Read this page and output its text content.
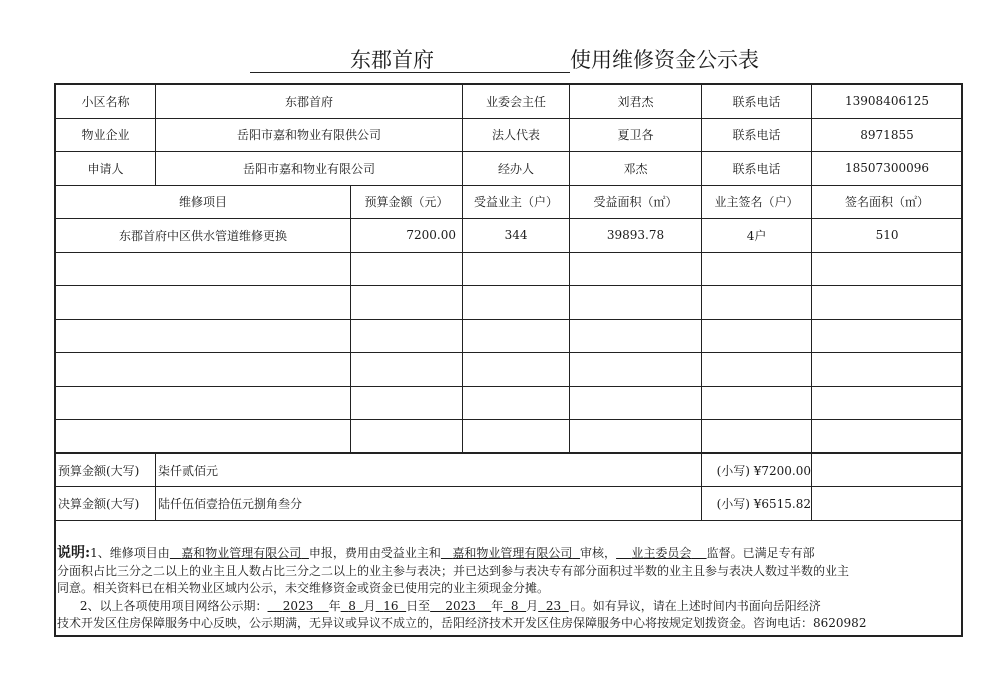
东郡首府	使用维修资金公示表
小区名称	东郡首府		业委会主任	刘君杰	联系电话	13908406125
物业企业	岳阳市嘉和物业有限供公司		法人代表	夏卫各	联系电话	8971855
申请人	岳阳市嘉和物业有限公司		经办人	邓杰	联系电话	18507300096
维修项目		预算金额（元）	受益业主（户）	受益面积（㎡）	业主签名（户）	签名面积（㎡）
东郡首府中区供水管道维修更换		7200.00	344	39893.78	4户	510

预算金额(大写)	柒仟贰佰元				(小写) ¥7200.00	
决算金额(大写)	陆仟伍佰壹拾伍元捌角叁分				(小写) ¥6515.82	

说明:1、维修项目由 嘉和物业管理有限公司 申报，费用由受益业主和 嘉和物业管理有限公司 审核， 业主委员会 监督。已满足专有部

分面积占比三分之二以上的业主且人数占比三分之二以上的业主参与表决；并已达到参与表决专有部分面积过半数的业主且参与表决人数过半数的业主

同意。相关资料已在相关物业区域内公示，未交维修资金或资金已使用完的业主须现金分摊。

2、以上各项使用项目网络公示期： 2023 年 8 月 16 日至 2023 年 8 月 23 日。如有异议，请在上述时间内书面向岳阳经济

技术开发区住房保障服务中心反映，公示期满，无异议或异议不成立的，岳阳经济技术开发区住房保障服务中心将按规定划拨资金。咨询电话：8620982
